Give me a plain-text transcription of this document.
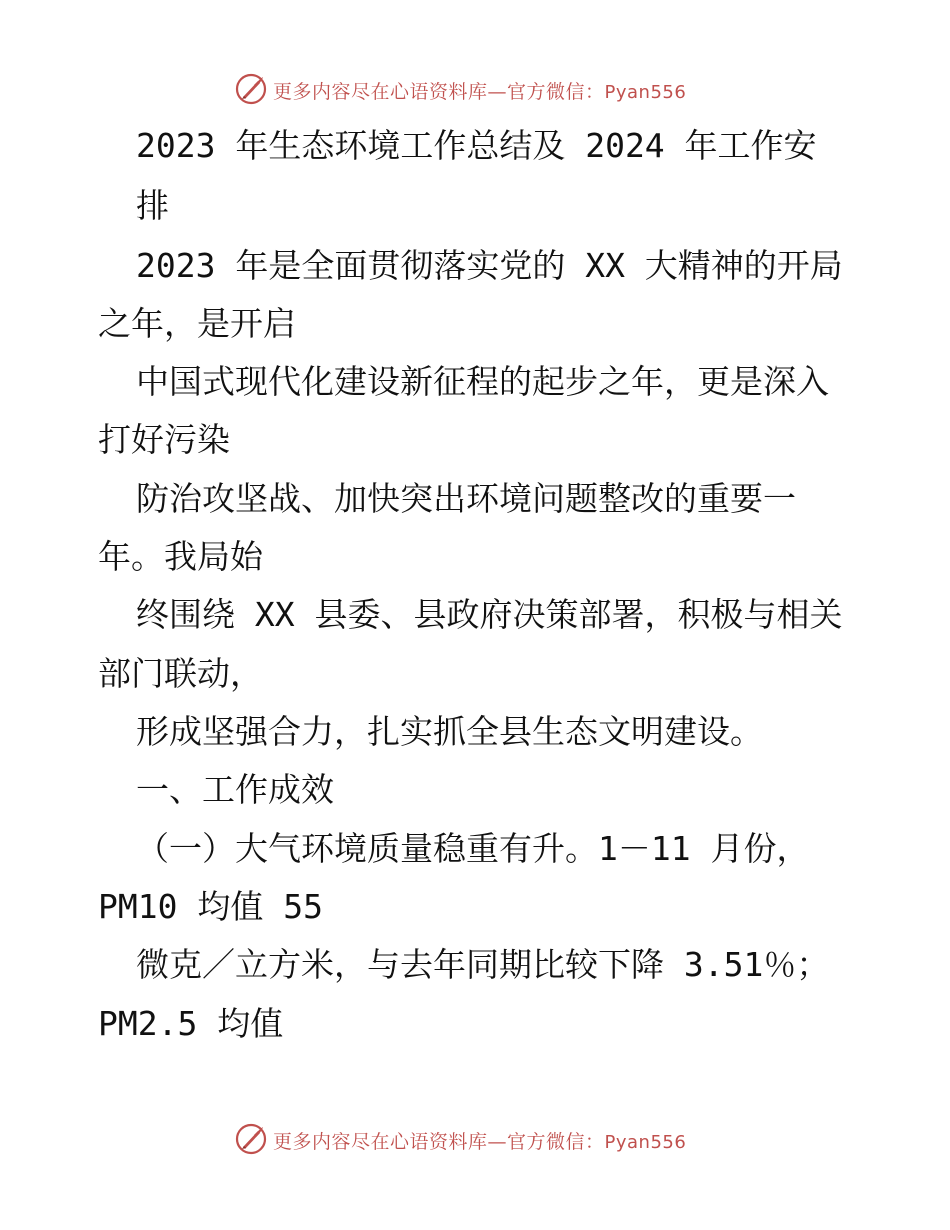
更多内容尽在心语资料库—官方微信：Pyan556
2023 年生态环境工作总结及 2024 年工作安
排
2023 年是全面贯彻落实党的 XX 大精神的开局
之年，是开启
中国式现代化建设新征程的起步之年，更是深入
打好污染
防治攻坚战、加快突出环境问题整改的重要一
年。我局始
终围绕 XX 县委、县政府决策部署，积极与相关
部门联动，
形成坚强合力，扎实抓全县生态文明建设。
一、工作成效
（一）大气环境质量稳重有升。1－11 月份，
PM10 均值 55
微克／立方米，与去年同期比较下降 3.51％；
PM2.5 均值
更多内容尽在心语资料库—官方微信：Pyan556
